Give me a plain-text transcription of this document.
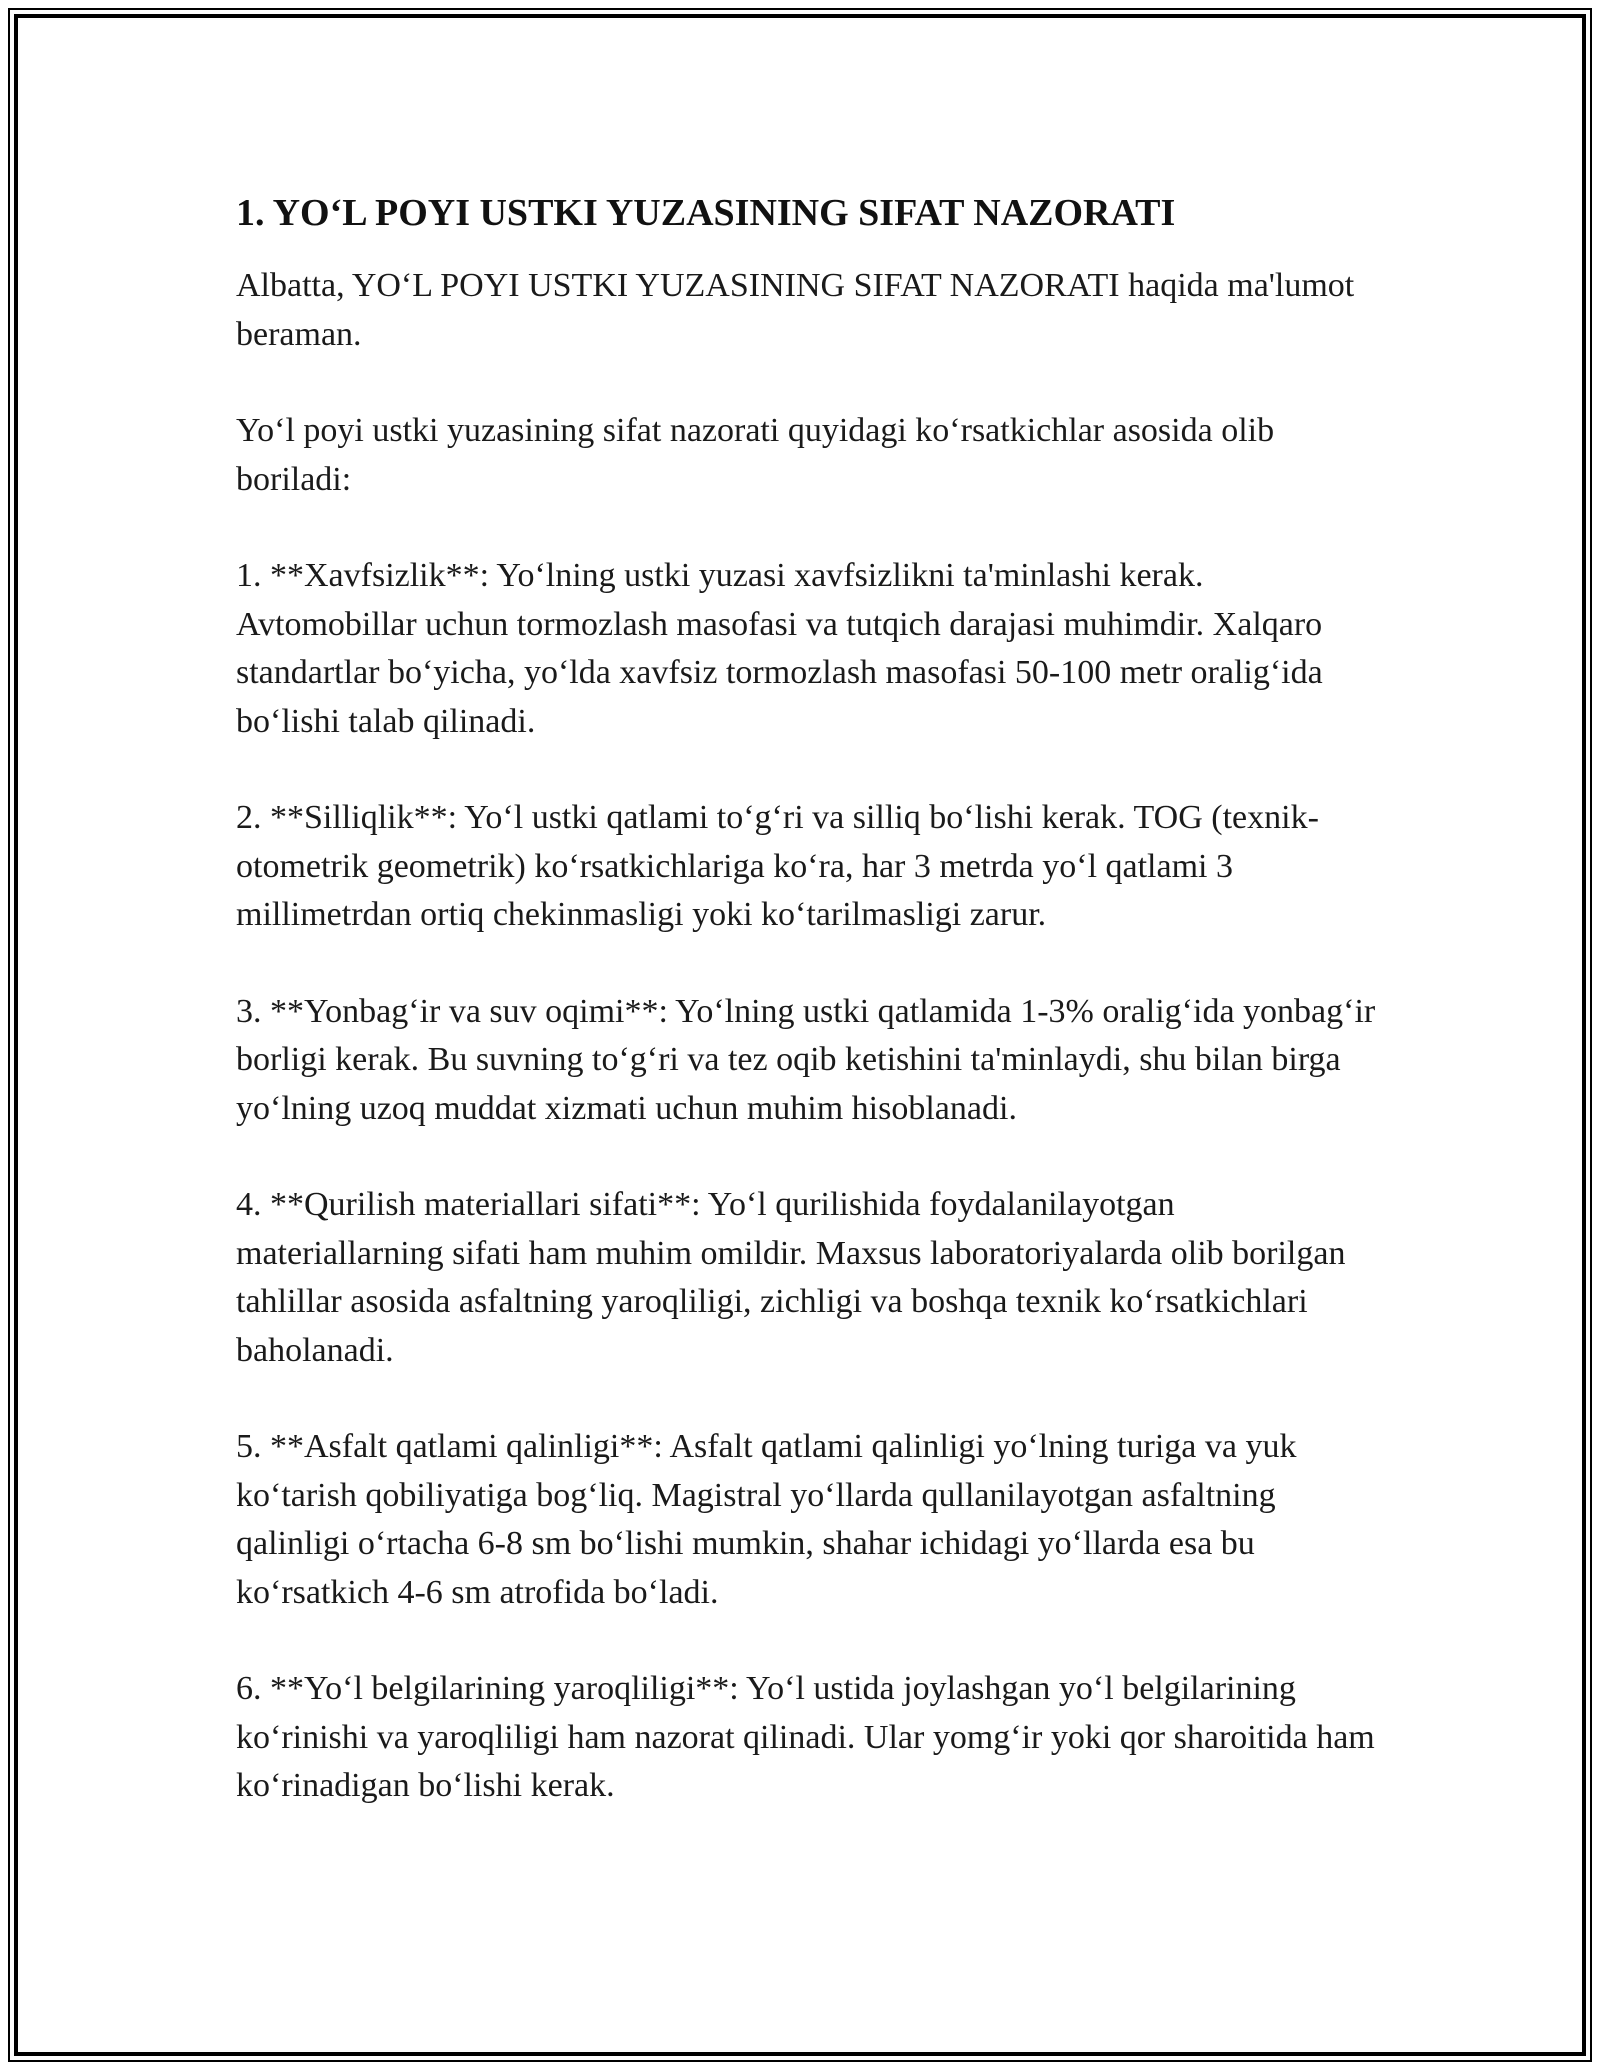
1. YO‘L POYI USTKI YUZASINING SIFAT NAZORATI

Albatta, YO‘L POYI USTKI YUZASINING SIFAT NAZORATI haqida ma'lumot beraman.

Yo‘l poyi ustki yuzasining sifat nazorati quyidagi ko‘rsatkichlar asosida olib boriladi:

1. **Xavfsizlik**: Yo‘lning ustki yuzasi xavfsizlikni ta'minlashi kerak. Avtomobillar uchun tormozlash masofasi va tutqich darajasi muhimdir. Xalqaro standartlar bo‘yicha, yo‘lda xavfsiz tormozlash masofasi 50-100 metr oralig‘ida bo‘lishi talab qilinadi.

2. **Silliqlik**: Yo‘l ustki qatlami to‘g‘ri va silliq bo‘lishi kerak. TOG (texnik-otometrik geometrik) ko‘rsatkichlariga ko‘ra, har 3 metrda yo‘l qatlami 3 millimetrdan ortiq chekinmasligi yoki ko‘tarilmasligi zarur.

3. **Yonbag‘ir va suv oqimi**: Yo‘lning ustki qatlamida 1-3% oralig‘ida yonbag‘ir borligi kerak. Bu suvning to‘g‘ri va tez oqib ketishini ta'minlaydi, shu bilan birga yo‘lning uzoq muddat xizmati uchun muhim hisoblanadi.

4. **Qurilish materiallari sifati**: Yo‘l qurilishida foydalanilayotgan materiallarning sifati ham muhim omildir. Maxsus laboratoriyalarda olib borilgan tahlillar asosida asfaltning yaroqliligi, zichligi va boshqa texnik ko‘rsatkichlari baholanadi.

5. **Asfalt qatlami qalinligi**: Asfalt qatlami qalinligi yo‘lning turiga va yuk ko‘tarish qobiliyatiga bog‘liq. Magistral yo‘llarda qullanilayotgan asfaltning qalinligi o‘rtacha 6-8 sm bo‘lishi mumkin, shahar ichidagi yo‘llarda esa bu ko‘rsatkich 4-6 sm atrofida bo‘ladi.

6. **Yo‘l belgilarining yaroqliligi**: Yo‘l ustida joylashgan yo‘l belgilarining ko‘rinishi va yaroqliligi ham nazorat qilinadi. Ular yomg‘ir yoki qor sharoitida ham ko‘rinadigan bo‘lishi kerak.
